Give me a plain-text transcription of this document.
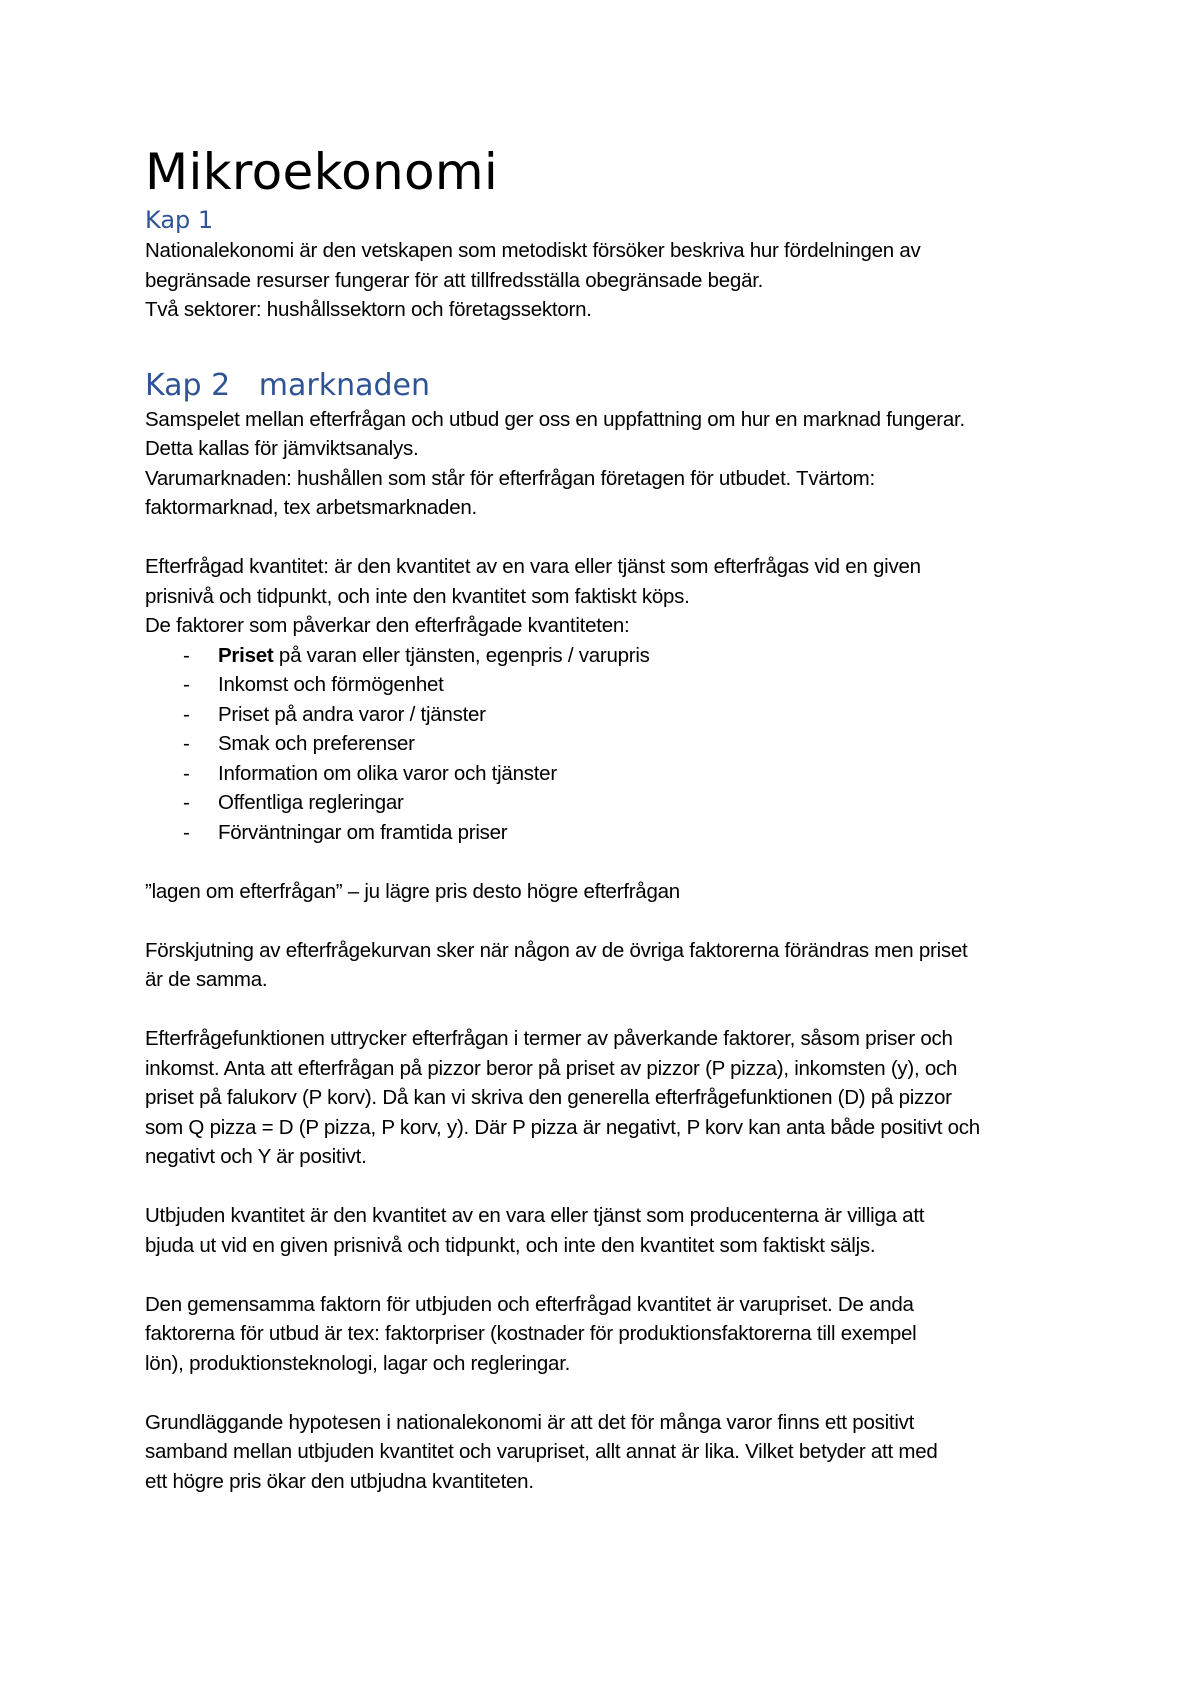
Mikroekonomi
Kap 1

Nationalekonomi är den vetskapen som metodiskt försöker beskriva hur fördelningen av

begränsade resurser fungerar för att tillfredsställa obegränsade begär.

Två sektorer: hushållssektorn och företagssektorn.

Kap 2   marknaden

Samspelet mellan efterfrågan och utbud ger oss en uppfattning om hur en marknad fungerar.

Detta kallas för jämviktsanalys.

Varumarknaden: hushållen som står för efterfrågan företagen för utbudet. Tvärtom:

faktormarknad, tex arbetsmarknaden.

Efterfrågad kvantitet: är den kvantitet av en vara eller tjänst som efterfrågas vid en given

prisnivå och tidpunkt, och inte den kvantitet som faktiskt köps.

De faktorer som påverkar den efterfrågade kvantiteten:

- Priset på varan eller tjänsten, egenpris / varupris
- Inkomst och förmögenhet
- Priset på andra varor / tjänster
- Smak och preferenser
- Information om olika varor och tjänster
- Offentliga regleringar
- Förväntningar om framtida priser

”lagen om efterfrågan” – ju lägre pris desto högre efterfrågan

Förskjutning av efterfrågekurvan sker när någon av de övriga faktorerna förändras men priset

är de samma.

Efterfrågefunktionen uttrycker efterfrågan i termer av påverkande faktorer, såsom priser och

inkomst. Anta att efterfrågan på pizzor beror på priset av pizzor (P pizza), inkomsten (y), och

priset på falukorv (P korv). Då kan vi skriva den generella efterfrågefunktionen (D) på pizzor

som Q pizza = D (P pizza, P korv, y). Där P pizza är negativt, P korv kan anta både positivt och

negativt och Y är positivt.

Utbjuden kvantitet är den kvantitet av en vara eller tjänst som producenterna är villiga att

bjuda ut vid en given prisnivå och tidpunkt, och inte den kvantitet som faktiskt säljs.

Den gemensamma faktorn för utbjuden och efterfrågad kvantitet är varupriset. De anda

faktorerna för utbud är tex: faktorpriser (kostnader för produktionsfaktorerna till exempel

lön), produktionsteknologi, lagar och regleringar.

Grundläggande hypotesen i nationalekonomi är att det för många varor finns ett positivt

samband mellan utbjuden kvantitet och varupriset, allt annat är lika. Vilket betyder att med

ett högre pris ökar den utbjudna kvantiteten.
